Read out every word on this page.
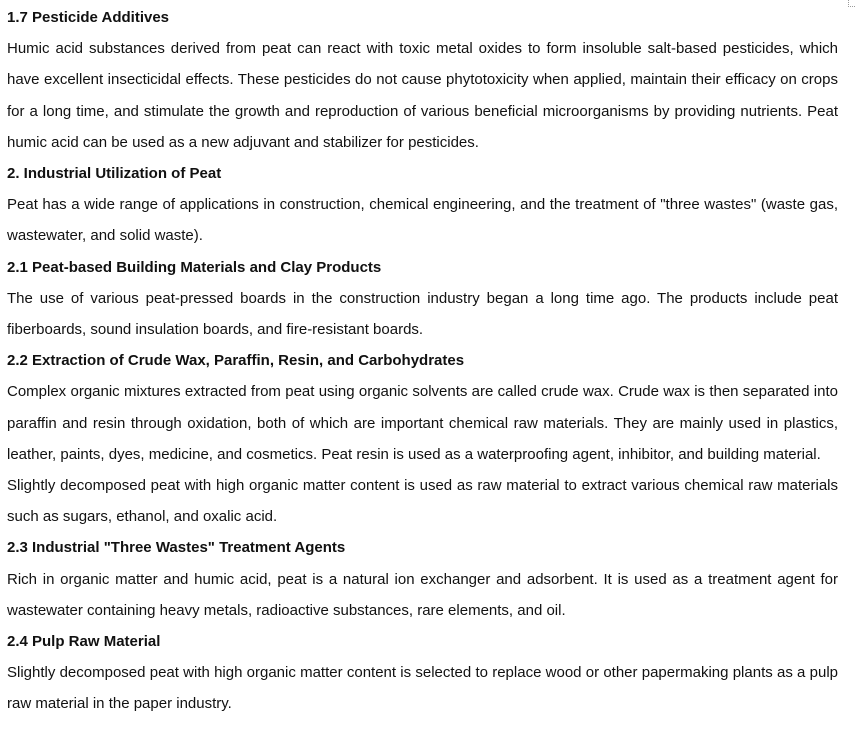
1.7 Pesticide Additives

Humic acid substances derived from peat can react with toxic metal oxides to form insoluble salt-based pesticides, which have excellent insecticidal effects. These pesticides do not cause phytotoxicity when applied, maintain their efficacy on crops for a long time, and stimulate the growth and reproduction of various beneficial microorganisms by providing nutrients. Peat humic acid can be used as a new adjuvant and stabilizer for pesticides.

2. Industrial Utilization of Peat

Peat has a wide range of applications in construction, chemical engineering, and the treatment of "three wastes" (waste gas, wastewater, and solid waste).

2.1 Peat-based Building Materials and Clay Products

The use of various peat-pressed boards in the construction industry began a long time ago. The products include peat fiberboards, sound insulation boards, and fire-resistant boards.

2.2 Extraction of Crude Wax, Paraffin, Resin, and Carbohydrates

Complex organic mixtures extracted from peat using organic solvents are called crude wax. Crude wax is then separated into paraffin and resin through oxidation, both of which are important chemical raw materials. They are mainly used in plastics, leather, paints, dyes, medicine, and cosmetics. Peat resin is used as a waterproofing agent, inhibitor, and building material.

Slightly decomposed peat with high organic matter content is used as raw material to extract various chemical raw materials such as sugars, ethanol, and oxalic acid.

2.3 Industrial "Three Wastes" Treatment Agents

Rich in organic matter and humic acid, peat is a natural ion exchanger and adsorbent. It is used as a treatment agent for wastewater containing heavy metals, radioactive substances, rare elements, and oil.

2.4 Pulp Raw Material

Slightly decomposed peat with high organic matter content is selected to replace wood or other papermaking plants as a pulp raw material in the paper industry.
